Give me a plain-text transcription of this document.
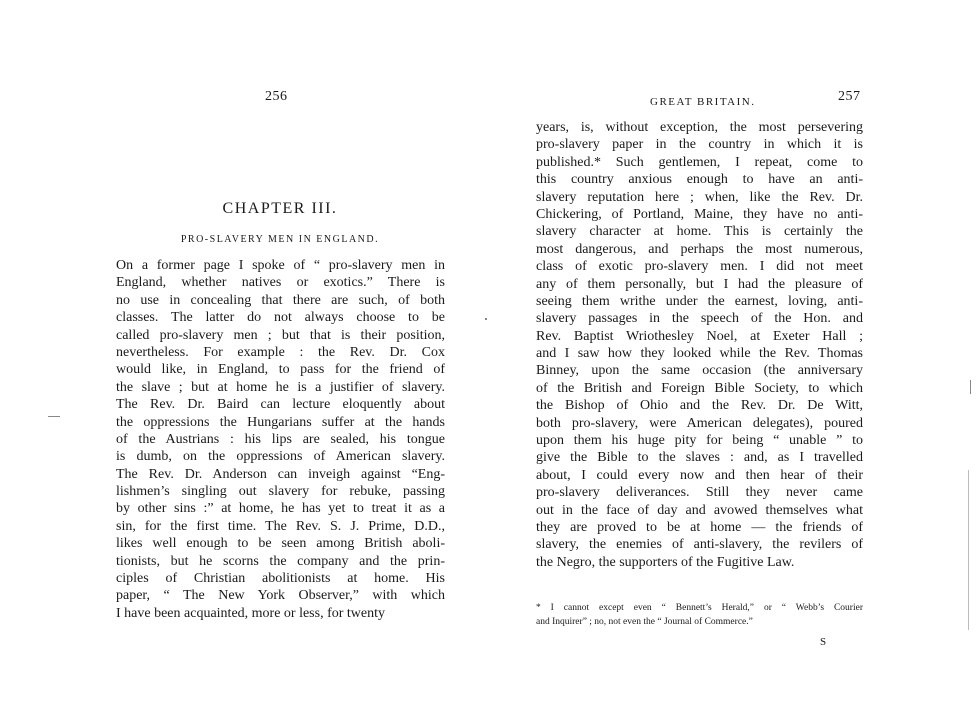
256
CHAPTER III.
PRO-SLAVERY MEN IN ENGLAND.
On a former page I spoke of “ pro-slavery men in
England, whether natives or exotics.” There is
no use in concealing that there are such, of both
classes. The latter do not always choose to be
called pro-slavery men ; but that is their position,
nevertheless. For example : the Rev. Dr. Cox
would like, in England, to pass for the friend of
the slave ; but at home he is a justifier of slavery.
The Rev. Dr. Baird can lecture eloquently about
the oppressions the Hungarians suffer at the hands
of the Austrians : his lips are sealed, his tongue
is dumb, on the oppressions of American slavery.
The Rev. Dr. Anderson can inveigh against “Eng-
lishmen’s singling out slavery for rebuke, passing
by other sins :” at home, he has yet to treat it as a
sin, for the first time. The Rev. S. J. Prime, D.D.,
likes well enough to be seen among British aboli-
tionists, but he scorns the company and the prin-
ciples of Christian abolitionists at home. His
paper, “ The New York Observer,” with which
I have been acquainted, more or less, for twenty
GREAT BRITAIN.	257
years, is, without exception, the most persevering
pro-slavery paper in the country in which it is
published.* Such gentlemen, I repeat, come to
this country anxious enough to have an anti-
slavery reputation here ; when, like the Rev. Dr.
Chickering, of Portland, Maine, they have no anti-
slavery character at home. This is certainly the
most dangerous, and perhaps the most numerous,
class of exotic pro-slavery men. I did not meet
any of them personally, but I had the pleasure of
seeing them writhe under the earnest, loving, anti-
slavery passages in the speech of the Hon. and
Rev. Baptist Wriothesley Noel, at Exeter Hall ;
and I saw how they looked while the Rev. Thomas
Binney, upon the same occasion (the anniversary
of the British and Foreign Bible Society, to which
the Bishop of Ohio and the Rev. Dr. De Witt,
both pro-slavery, were American delegates), poured
upon them his huge pity for being “ unable ” to
give the Bible to the slaves : and, as I travelled
about, I could every now and then hear of their
pro-slavery deliverances. Still they never came
out in the face of day and avowed themselves what
they are proved to be at home — the friends of
slavery, the enemies of anti-slavery, the revilers of
the Negro, the supporters of the Fugitive Law.
* I cannot except even “ Bennett’s Herald,” or “ Webb’s Courier
and Inquirer” ; no, not even the “ Journal of Commerce.”
S
